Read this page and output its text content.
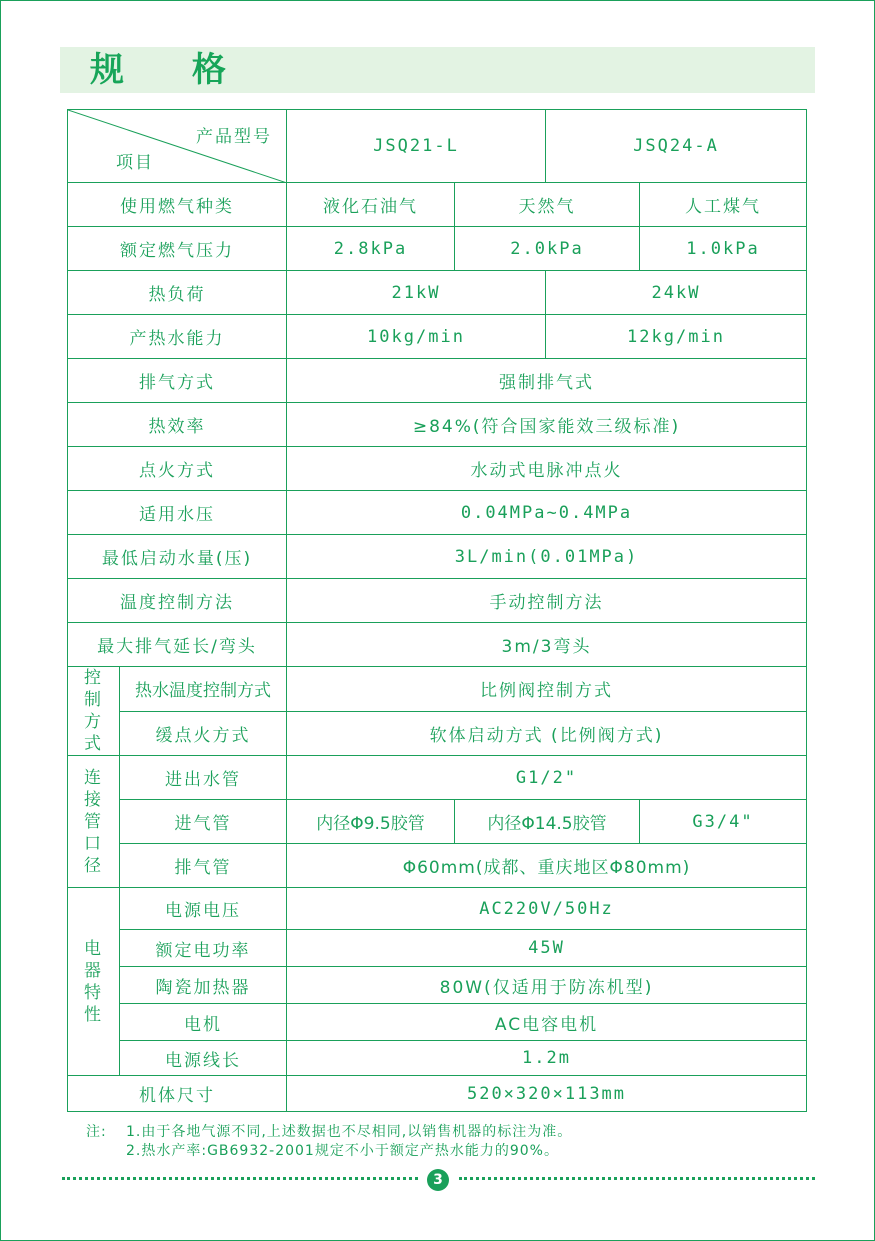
规 格
产品型号
项目		JSQ21-L		JSQ24-A	
使用燃气种类		液化石油气	天然气		人工煤气
额定燃气压力		2.8kPa	2.0kPa		1.0kPa
热负荷		21kW		24kW	
产热水能力		10kg/min		12kg/min	
排气方式		强制排气式			
热效率		≥84%(符合国家能效三级标准)			
点火方式		水动式电脉冲点火			
适用水压		0.04MPa~0.4MPa			
最低启动水量(压)		3L/min(0.01MPa)			
温度控制方法		手动控制方法			
最大排气延长/弯头		3m/3弯头			

控
制
方
式	热水温度控制方式	比例阀控制方式			
	缓点火方式	软体启动方式 (比例阀方式)			

连
接
管
口
径	进出水管	G1/2"			
	进气管	内径Φ9.5胶管	内径Φ14.5胶管		G3/4"
	排气管	Φ60mm(成都、重庆地区Φ80mm)			

电
器
特
性	电源电压	AC220V/50Hz			
	额定电功率	45W			
	陶瓷加热器	80W(仅适用于防冻机型)			
	电机	AC电容电机			
	电源线长	1.2m			
机体尺寸		520×320×113mm			
注: 1.由于各地气源不同,上述数据也不尽相同,以销售机器的标注为准。
2.热水产率:GB6932-2001规定不小于额定产热水能力的90%。
3
